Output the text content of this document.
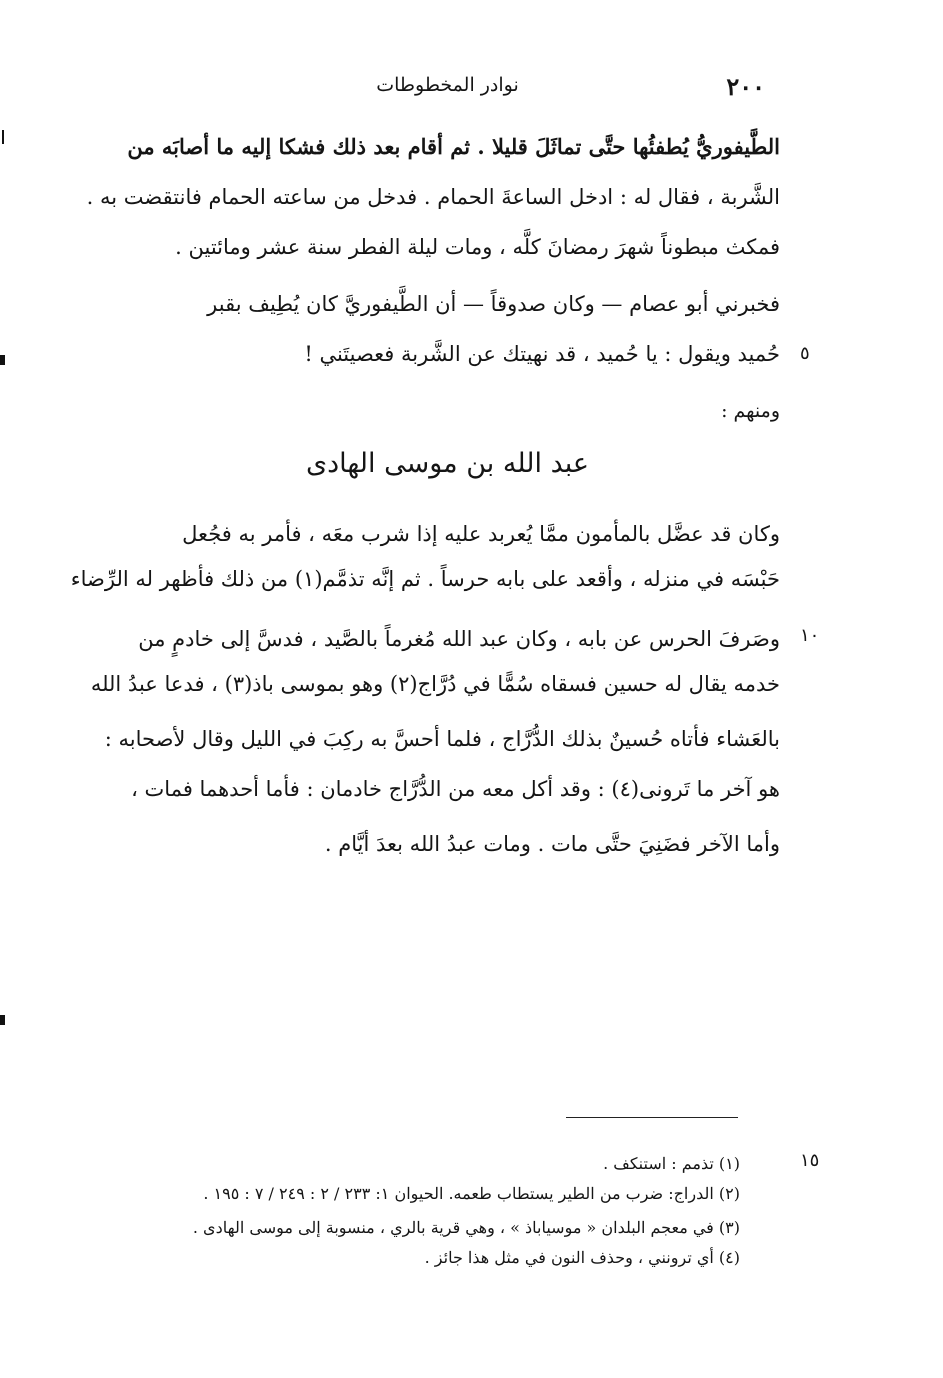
٢٠٠
نوادر المخطوطات
الطَّيفوريُّ يُطفئُها حتَّى تماثَلَ قليلا . ثم أقام بعد ذلك فشكا إليه ما أصابَه من
الشَّربة ، فقال له : ادخل الساعةَ الحمام . فدخل من ساعته الحمام فانتقضت به .
فمكث مبطوناً شهرَ رمضانَ كلَّه ، ومات ليلة الفطر سنة عشر ومائتين .
فخبرني أبو عصام — وكان صدوقاً — أن الطَّيفوريَّ كان يُطِيف بقبر
حُميد ويقول : يا حُميد ، قد نهيتك عن الشَّربة فعصيتَني ! ٥
ومنهم :
عبد الله بن موسى الهادى
وكان قد عضَّل بالمأمون ممَّا يُعربد عليه إذا شرب معَه ، فأمر به فجُعل
حَبْسَه في منزله ، وأقعد على بابه حرساً . ثم إنَّه تذمَّم(١) من ذلك فأظهر له الرِّضاء
وصَرفَ الحرس عن بابه ، وكان عبد الله مُغرماً بالصَّيد ، فدسَّ إلى خادمٍ من
خدمه يقال له حسين فسقاه سُمًّا في دُرَّاج(٢) وهو بموسى باذ(٣) ، فدعا عبدُ الله
بالعَشاء فأتاه حُسينٌ بذلك الدُّرَّاج ، فلما أحسَّ به ركِبَ في الليل وقال لأصحابه :
هو آخر ما تَرونى(٤) : وقد أكل معه من الدُّرَّاج خادمان : فأما أحدهما فمات ،
وأما الآخر فضَنِيَ حتَّى مات . ومات عبدُ الله بعدَ أيَّام .
١٠
١٥
(١) تذمم : استنكف .
(٢) الدراج: ضرب من الطير يستطاب طعمه. الحيوان ١: ٢٣٣ / ٢ : ٢٤٩ / ٧ : ١٩٥ .
(٣) في معجم البلدان « موسياباذ » ، وهي قرية بالري ، منسوبة إلى موسى الهادى .
(٤) أي ترونني ، وحذف النون في مثل هذا جائز .
